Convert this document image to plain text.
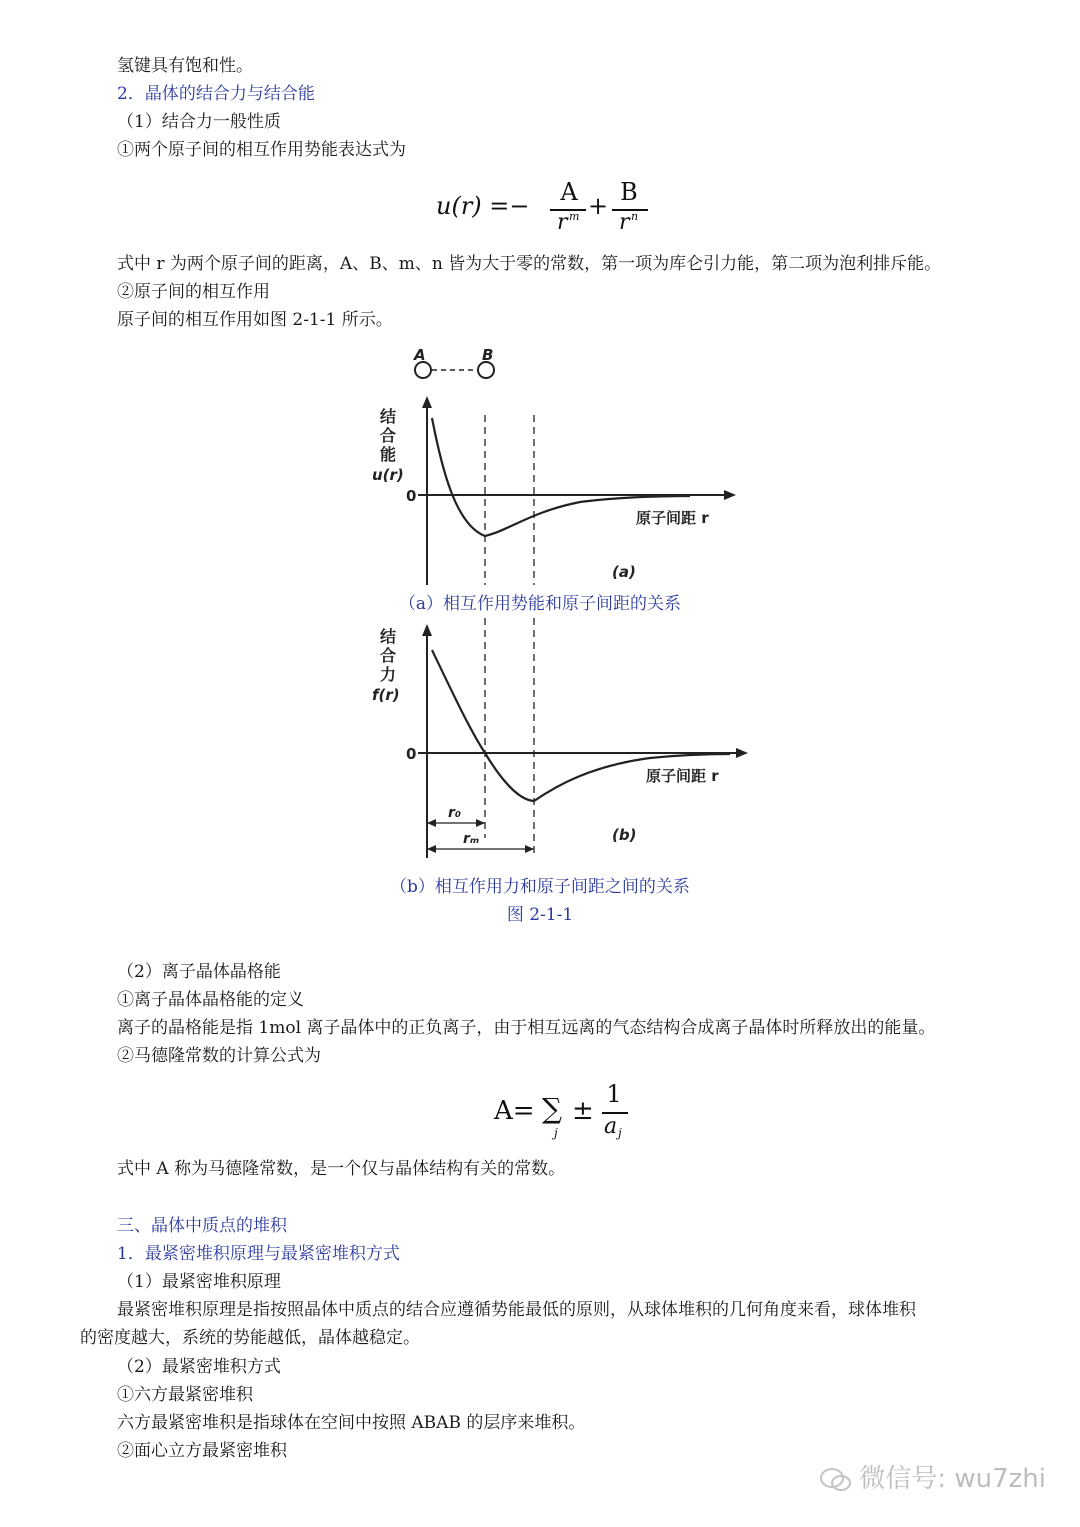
氢键具有饱和性。
2．晶体的结合力与结合能
（1）结合力一般性质
①两个原子间的相互作用势能表达式为
u(r) =−	A
r m + B
r n
式中 r 为两个原子间的距离，A、B、m、n 皆为大于零的常数，第一项为库仑引力能，第二项为泡利排斥能。
②原子间的相互作用
原子间的相互作用如图 2-1-1 所示。
A	B
结
合
能
u(r)
0
原子间距 r
(a)
（a）相互作用势能和原子间距的关系
r₀
rₘ
结
合
力
f(r)
0
原子间距 r
(b)
（b）相互作用力和原子间距之间的关系
图 2-1-1
（2）离子晶体晶格能
①离子晶体晶格能的定义
离子的晶格能是指 1mol 离子晶体中的正负离子，由于相互远离的气态结构合成离子晶体时所释放出的能量。
②马德隆常数的计算公式为
A= ∑
j
±
1
a j
式中 A 称为马德隆常数，是一个仅与晶体结构有关的常数。
三、晶体中质点的堆积
1．最紧密堆积原理与最紧密堆积方式
（1）最紧密堆积原理
最紧密堆积原理是指按照晶体中质点的结合应遵循势能最低的原则，从球体堆积的几何角度来看，球体堆积
的密度越大，系统的势能越低，晶体越稳定。
（2）最紧密堆积方式
①六方最紧密堆积
六方最紧密堆积是指球体在空间中按照 ABAB 的层序来堆积。
②面心立方最紧密堆积
微信号: wu7zhi
